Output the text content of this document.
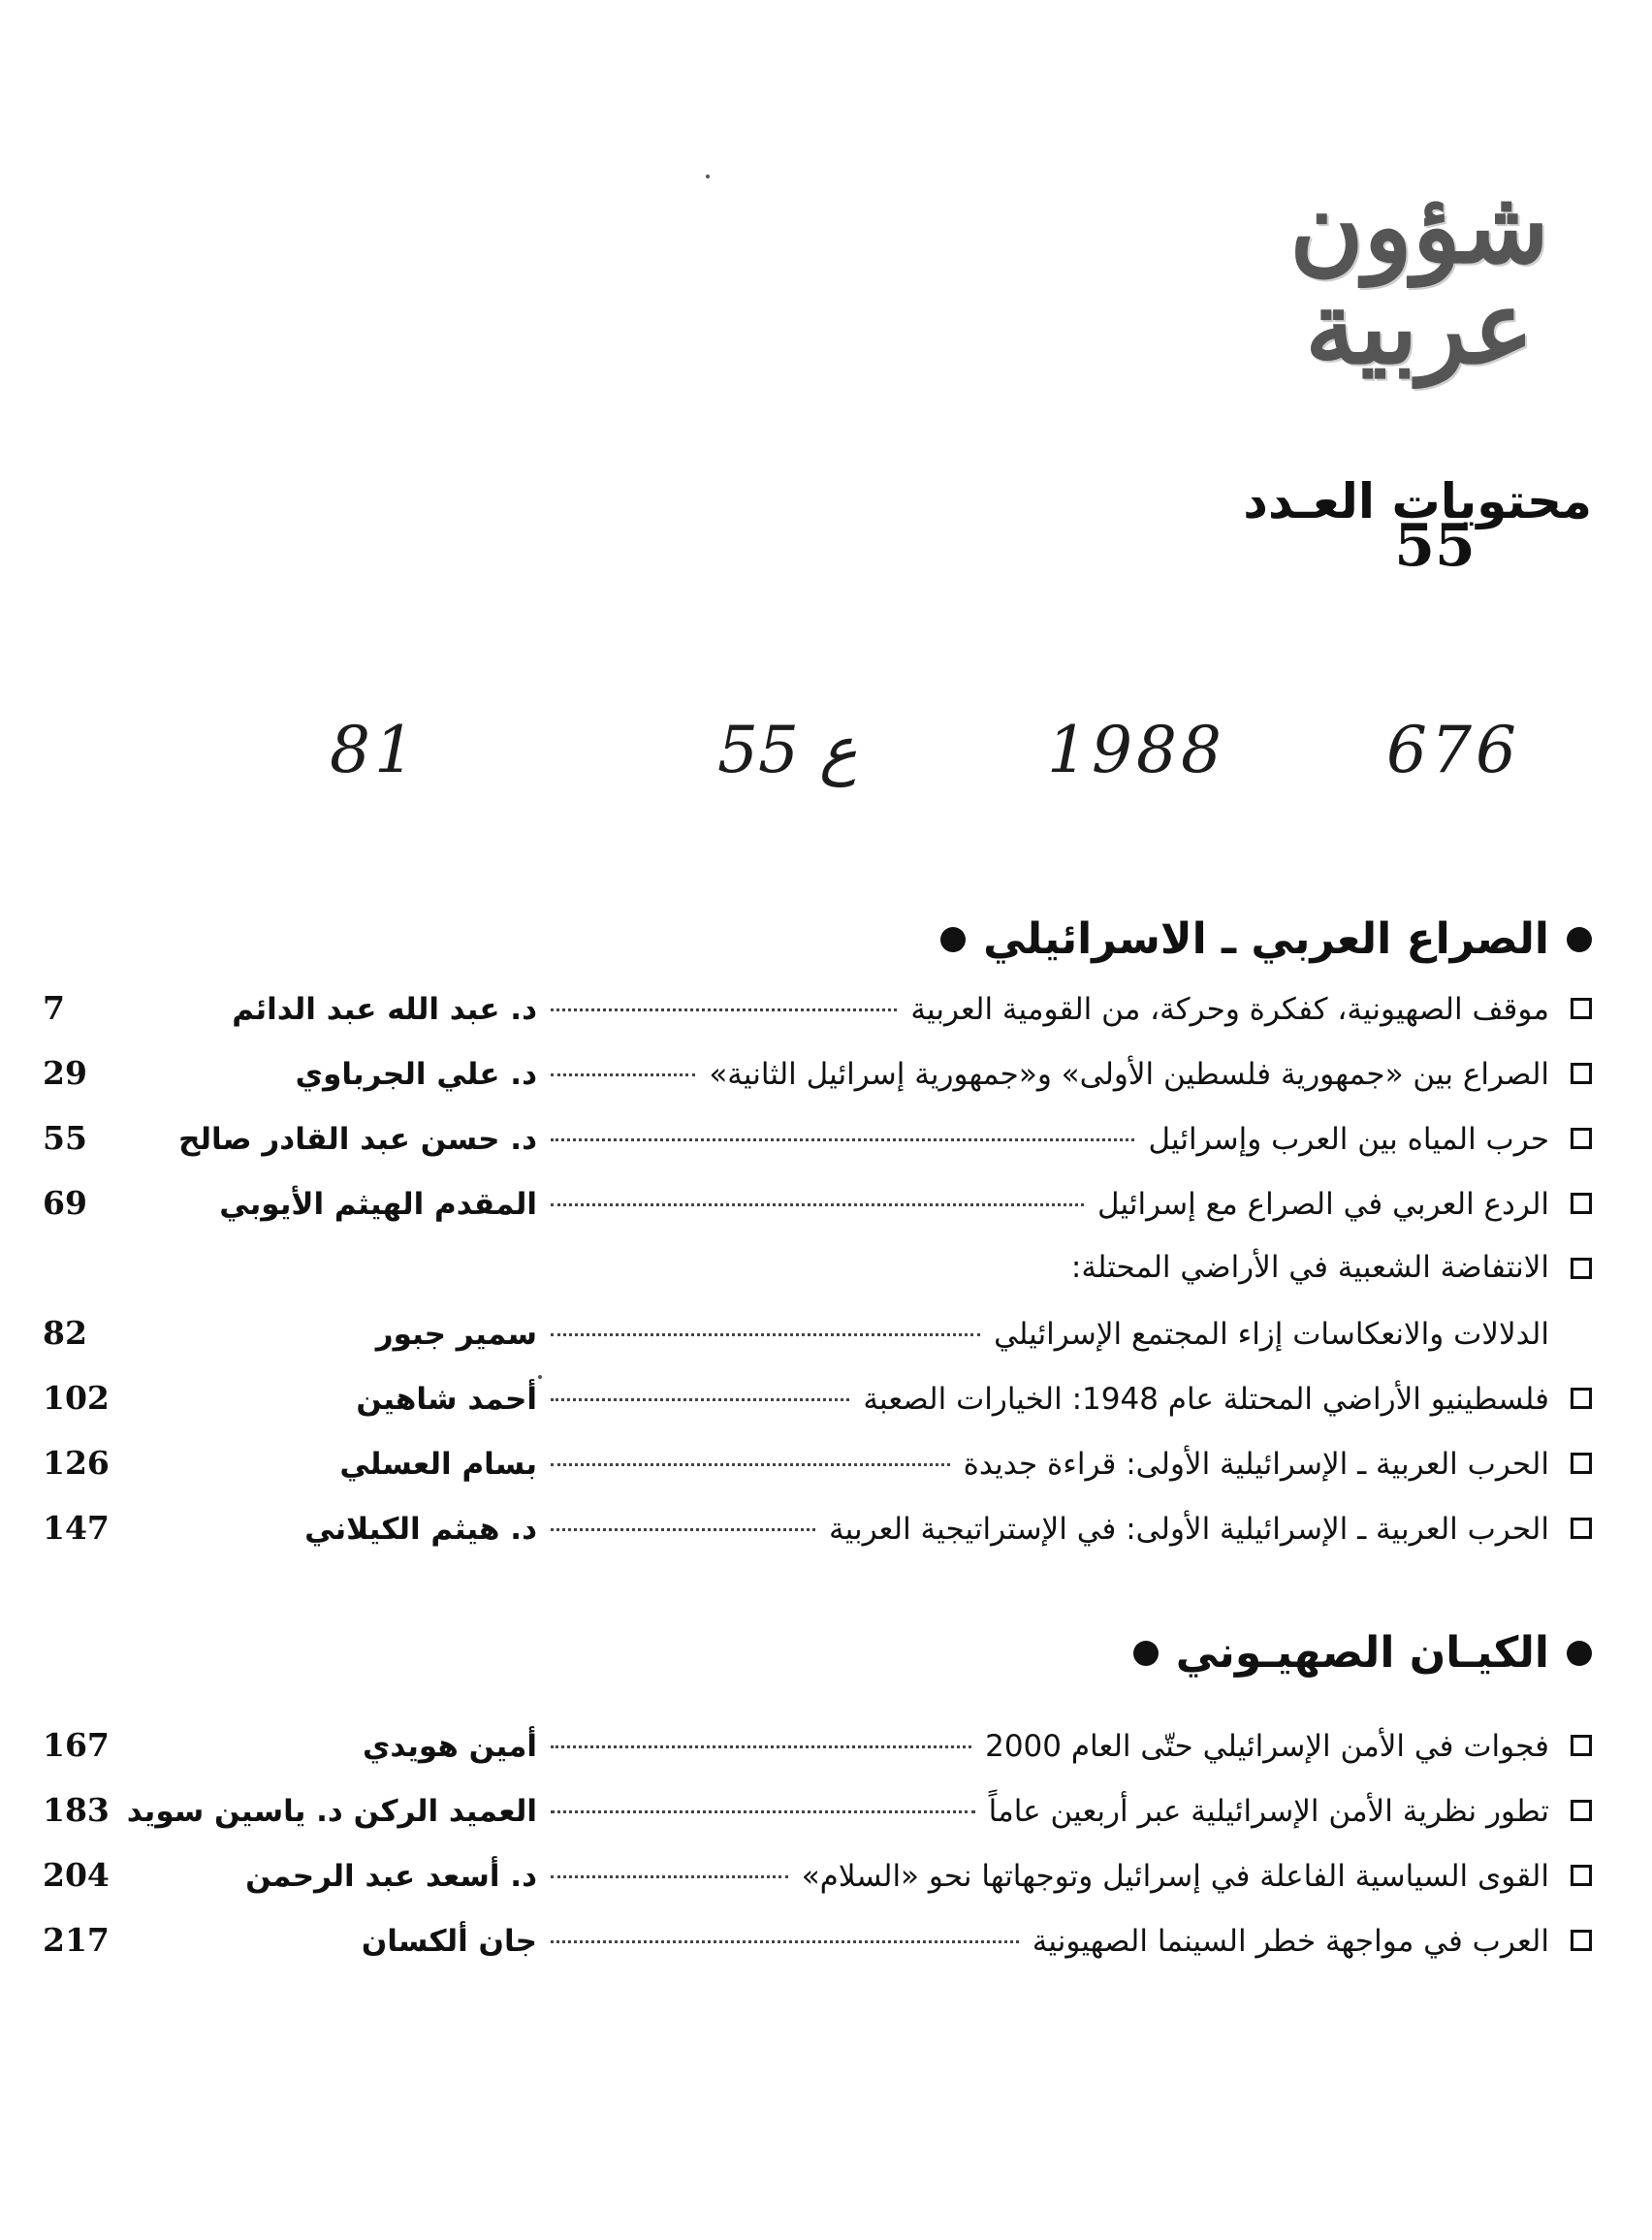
شؤون
عربية
محتويات العـدد
55
676
1988
ع 55
81
الصراع العربي ـ الاسرائيلي
موقف الصهيونية، كفكرة وحركة، من القومية العربية
د. عبد الله عبد الدائم
7
الصراع بين «جمهورية فلسطين الأولى» و«جمهورية إسرائيل الثانية»
د. علي الجرباوي
29
حرب المياه بين العرب وإسرائيل
د. حسن عبد القادر صالح
55
الردع العربي في الصراع مع إسرائيل
المقدم الهيثم الأيوبي
69
الانتفاضة الشعبية في الأراضي المحتلة:
الدلالات والانعكاسات إزاء المجتمع الإسرائيلي
سمير جبور
82
فلسطينيو الأراضي المحتلة عام 1948: الخيارات الصعبة
أحمد شاهين
102
الحرب العربية ـ الإسرائيلية الأولى: قراءة جديدة
بسام العسلي
126
الحرب العربية ـ الإسرائيلية الأولى: في الإستراتيجية العربية
د. هيثم الكيلاني
147
الكيـان الصهيـوني
فجوات في الأمن الإسرائيلي حتّى العام 2000
أمين هويدي
167
تطور نظرية الأمن الإسرائيلية عبر أربعين عاماً
العميد الركن د. ياسين سويد
183
القوى السياسية الفاعلة في إسرائيل وتوجهاتها نحو «السلام»
د. أسعد عبد الرحمن
204
العرب في مواجهة خطر السينما الصهيونية
جان ألكسان
217
